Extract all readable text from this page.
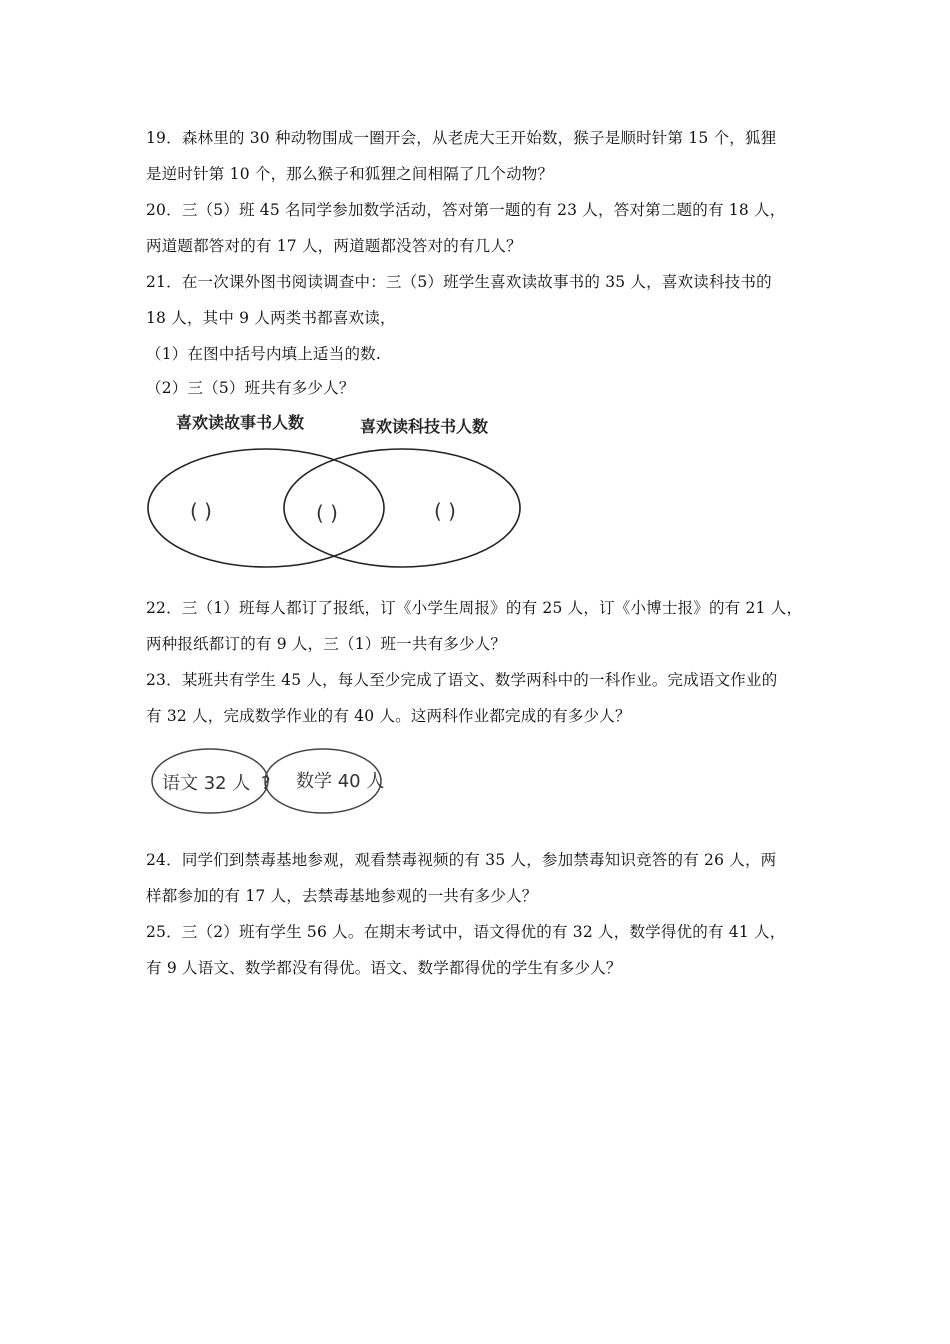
19．森林里的 30 种动物围成一圈开会，从老虎大王开始数，猴子是顺时针第 15 个，狐狸
是逆时针第 10 个，那么猴子和狐狸之间相隔了几个动物？
20．三（5）班 45 名同学参加数学活动，答对第一题的有 23 人，答对第二题的有 18 人，
两道题都答对的有 17 人，两道题都没答对的有几人？
21．在一次课外图书阅读调查中：三（5）班学生喜欢读故事书的 35 人，喜欢读科技书的
18 人，其中 9 人两类书都喜欢读，
（1）在图中括号内填上适当的数.
（2）三（5）班共有多少人？
喜欢读故事书人数	喜欢读科技书人数
( )	( )	( )
22．三（1）班每人都订了报纸，订《小学生周报》的有 25 人，订《小博士报》的有 21 人，
两种报纸都订的有 9 人，三（1）班一共有多少人？
23．某班共有学生 45 人，每人至少完成了语文、数学两科中的一科作业。完成语文作业的
有 32 人，完成数学作业的有 40 人。这两科作业都完成的有多少人？
语文 32 人 ? 数学 40 人
24．同学们到禁毒基地参观，观看禁毒视频的有 35 人，参加禁毒知识竞答的有 26 人，两
样都参加的有 17 人，去禁毒基地参观的一共有多少人？
25．三（2）班有学生 56 人。在期末考试中，语文得优的有 32 人，数学得优的有 41 人，
有 9 人语文、数学都没有得优。语文、数学都得优的学生有多少人？
